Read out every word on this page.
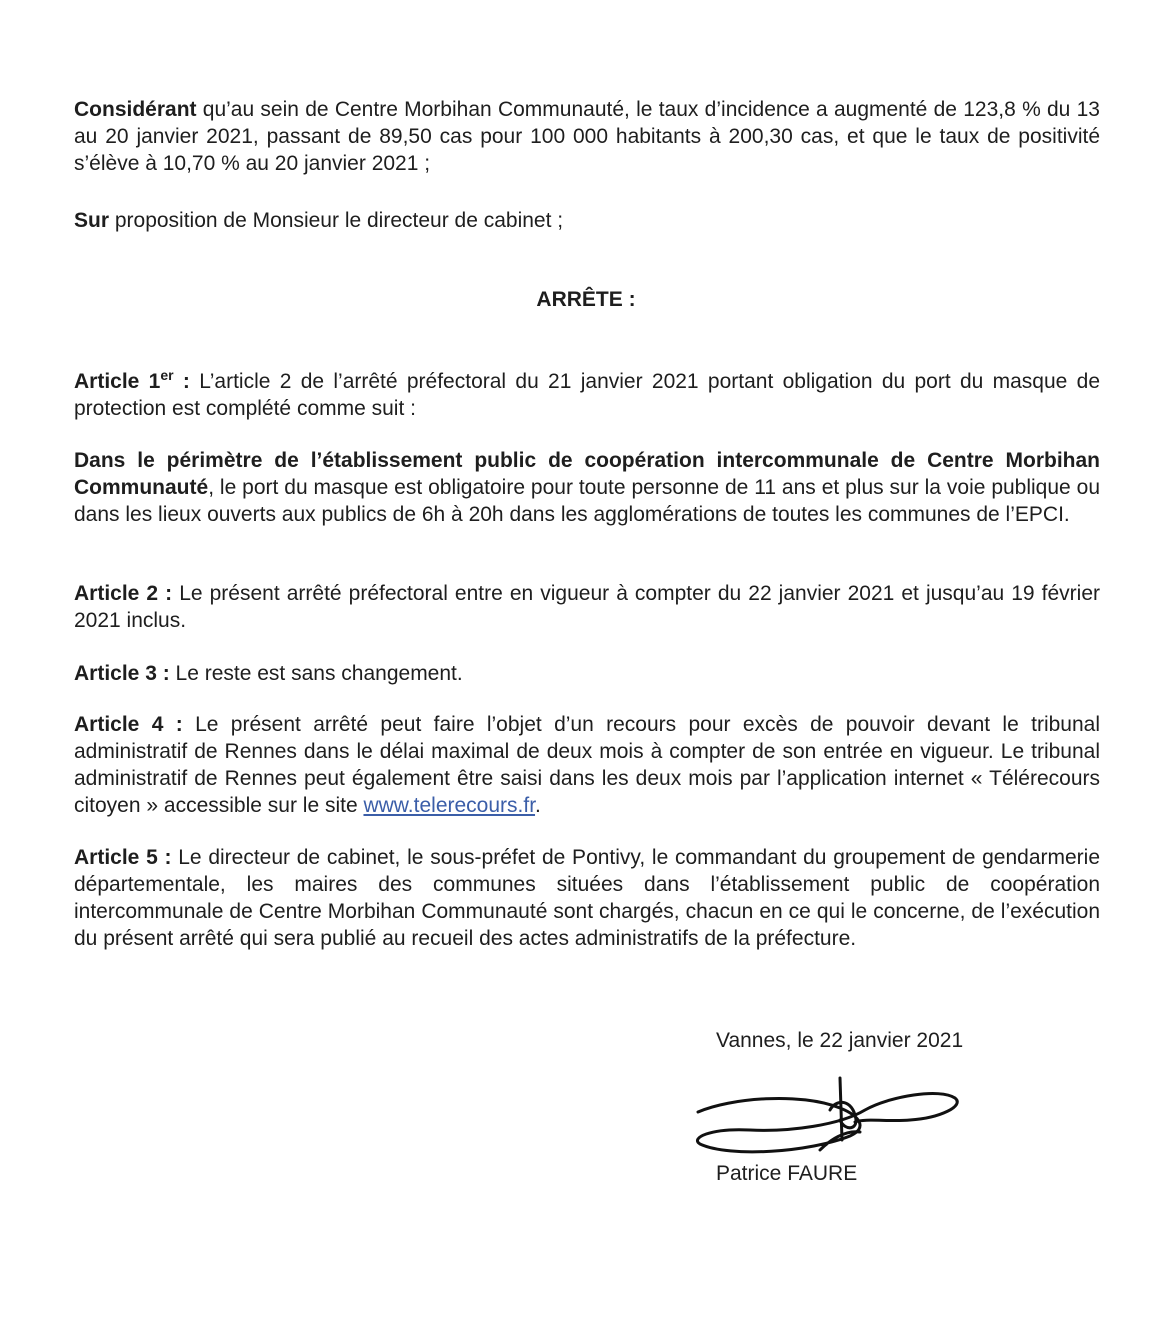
Considérant qu’au sein de Centre Morbihan Communauté, le taux d’incidence a augmenté de 123,8 % du 13 au 20 janvier 2021, passant de 89,50 cas pour 100 000 habitants à 200,30 cas, et que le taux de positivité s’élève à 10,70 % au 20 janvier 2021 ;

Sur proposition de Monsieur le directeur de cabinet ;

ARRÊTE :

Article 1er : L’article 2 de l’arrêté préfectoral du 21 janvier 2021 portant obligation du port du masque de protection est complété comme suit :

Dans le périmètre de l’établissement public de coopération intercommunale de Centre Morbihan Communauté, le port du masque est obligatoire pour toute personne de 11 ans et plus sur la voie publique ou dans les lieux ouverts aux publics de 6h à 20h dans les agglomérations de toutes les communes de l’EPCI.

Article 2 : Le présent arrêté préfectoral entre en vigueur à compter du 22 janvier 2021 et jusqu’au 19 février 2021 inclus.

Article 3 : Le reste est sans changement.

Article 4 : Le présent arrêté peut faire l’objet d’un recours pour excès de pouvoir devant le tribunal administratif de Rennes dans le délai maximal de deux mois à compter de son entrée en vigueur. Le tribunal administratif de Rennes peut également être saisi dans les deux mois par l’application internet « Télérecours citoyen » accessible sur le site www.telerecours.fr.

Article 5 : Le directeur de cabinet, le sous-préfet de Pontivy, le commandant du groupement de gendarmerie départementale, les maires des communes situées dans l’établissement public de coopération intercommunale de Centre Morbihan Communauté sont chargés, chacun en ce qui le concerne, de l’exécution du présent arrêté qui sera publié au recueil des actes administratifs de la préfecture.

Vannes, le 22 janvier 2021
Patrice FAURE
